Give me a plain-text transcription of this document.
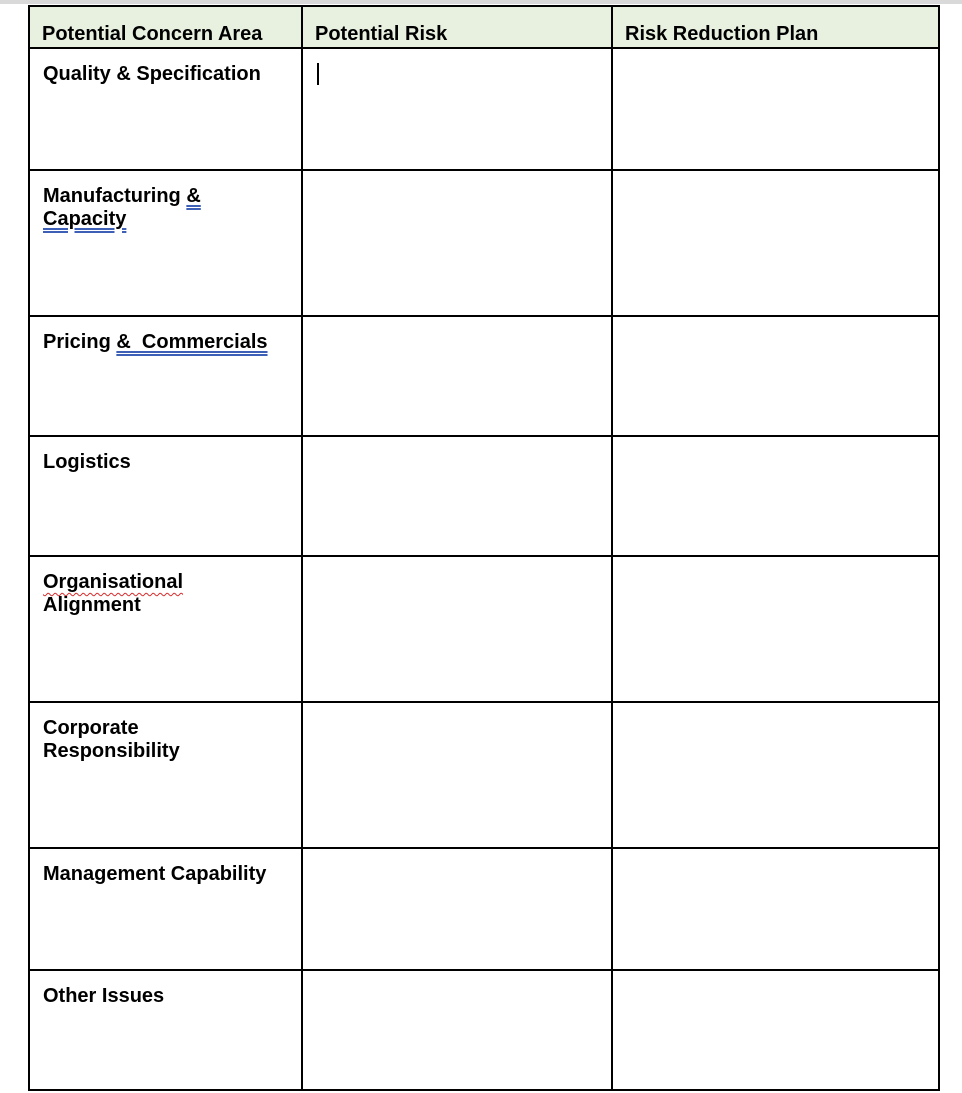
Potential Concern Area	Potential Risk	Risk Reduction Plan

Quality & Specification		

Manufacturing &
Capacity		

Pricing &  Commercials		

Logistics		

Organisational
Alignment		

Corporate
Responsibility		

Management Capability		

Other Issues		
